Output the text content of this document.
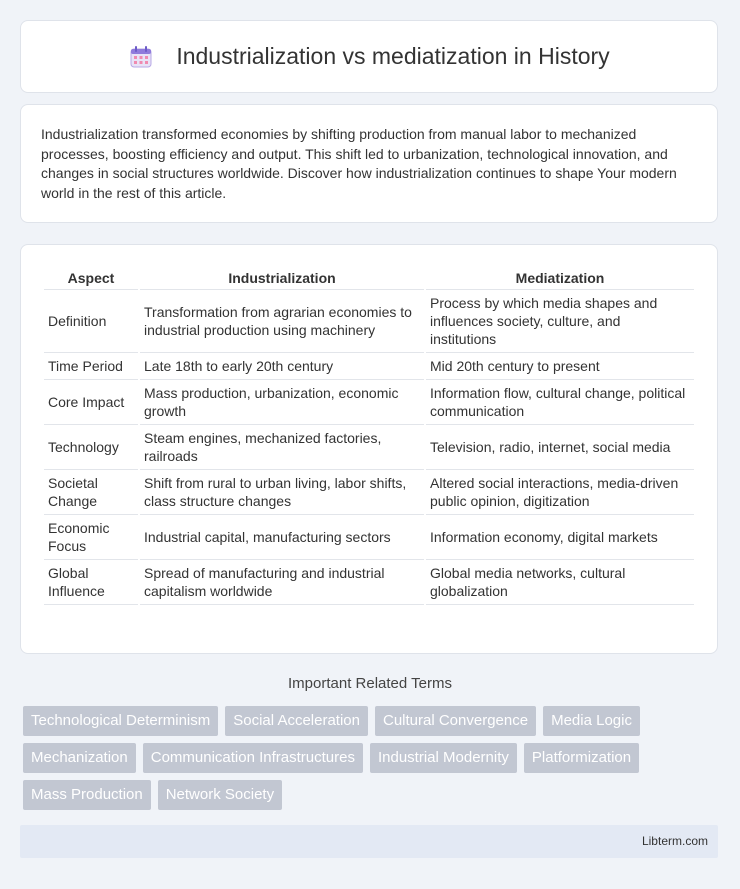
Industrialization vs mediatization in History

Industrialization transformed economies by shifting production from manual labor to mechanized processes, boosting efficiency and output. This shift led to urbanization, technological innovation, and changes in social structures worldwide. Discover how industrialization continues to shape Your modern world in the rest of this article.

Aspect	Industrialization	Mediatization
Definition	Transformation from agrarian economies to industrial production using machinery	Process by which media shapes and influences society, culture, and institutions
Time Period	Late 18th to early 20th century	Mid 20th century to present
Core Impact	Mass production, urbanization, economic growth	Information flow, cultural change, political communication
Technology	Steam engines, mechanized factories, railroads	Television, radio, internet, social media
Societal Change	Shift from rural to urban living, labor shifts, class structure changes	Altered social interactions, media-driven public opinion, digitization
Economic Focus	Industrial capital, manufacturing sectors	Information economy, digital markets
Global Influence	Spread of manufacturing and industrial capitalism worldwide	Global media networks, cultural globalization
Important Related Terms
Technological Determinism	Social Acceleration	Cultural Convergence	Media Logic
Mechanization	Communication Infrastructures	Industrial Modernity	Platformization
Mass Production	Network Society
Libterm.com
